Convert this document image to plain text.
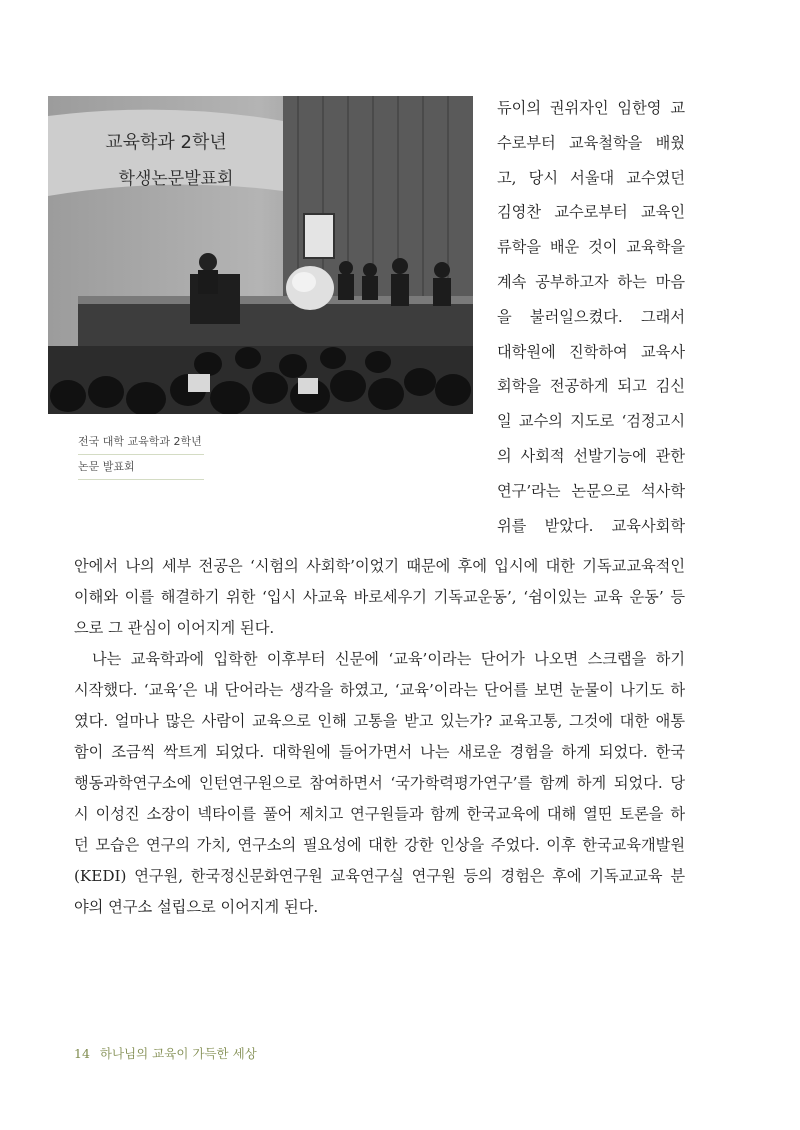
교육학과 2학년
학생논문발표회
전국 대학 교육학과 2학년
논문 발표회
듀이의 권위자인 임한영 교
수로부터 교육철학을 배웠
고, 당시 서울대 교수였던
김영찬 교수로부터 교육인
류학을 배운 것이 교육학을
계속 공부하고자 하는 마음
을 불러일으켰다. 그래서
대학원에 진학하여 교육사
회학을 전공하게 되고 김신
일 교수의 지도로 ‘검정고시
의 사회적 선발기능에 관한
연구’라는 논문으로 석사학
위를 받았다. 교육사회학
안에서 나의 세부 전공은 ‘시험의 사회학’이었기 때문에 후에 입시에 대한 기독교교육적인
이해와 이를 해결하기 위한 ‘입시 사교육 바로세우기 기독교운동’, ‘쉼이있는 교육 운동’ 등
으로 그 관심이 이어지게 된다.
나는 교육학과에 입학한 이후부터 신문에 ‘교육’이라는 단어가 나오면 스크랩을 하기
시작했다. ‘교육’은 내 단어라는 생각을 하였고, ‘교육’이라는 단어를 보면 눈물이 나기도 하
였다. 얼마나 많은 사람이 교육으로 인해 고통을 받고 있는가? 교육고통, 그것에 대한 애통
함이 조금씩 싹트게 되었다. 대학원에 들어가면서 나는 새로운 경험을 하게 되었다. 한국
행동과학연구소에 인턴연구원으로 참여하면서 ‘국가학력평가연구’를 함께 하게 되었다. 당
시 이성진 소장이 넥타이를 풀어 제치고 연구원들과 함께 한국교육에 대해 열띤 토론을 하
던 모습은 연구의 가치, 연구소의 필요성에 대한 강한 인상을 주었다. 이후 한국교육개발원
(KEDI) 연구원, 한국정신문화연구원 교육연구실 연구원 등의 경험은 후에 기독교교육 분
야의 연구소 설립으로 이어지게 된다.
14 하나님의 교육이 가득한 세상
